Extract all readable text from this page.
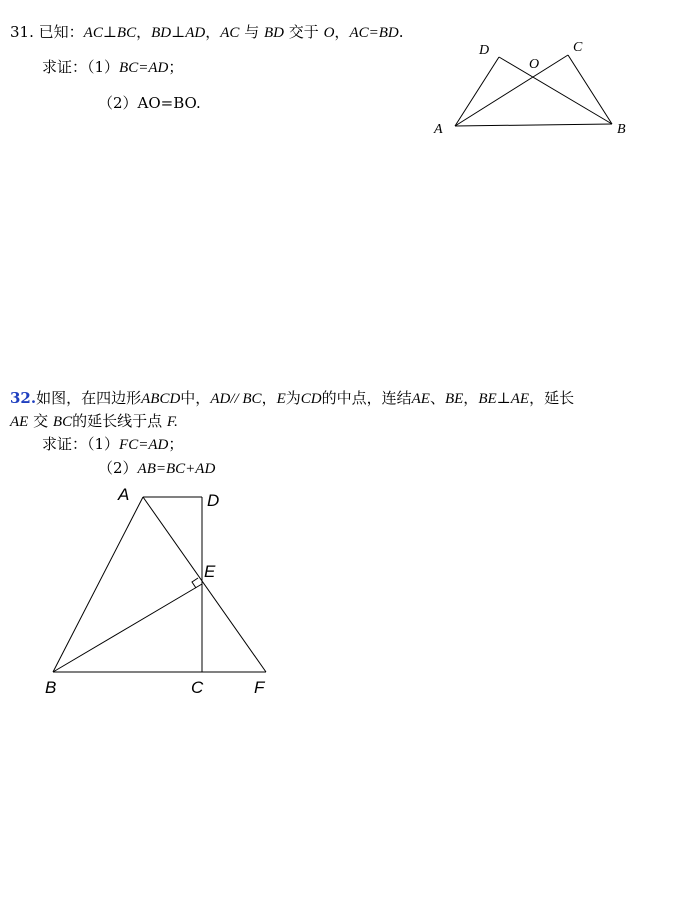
31. 已知：AC⊥BC，BD⊥AD，AC 与 BD 交于 O，AC=BD.
求证：（1）BC=AD；
（2）AO=BO.
D	C
O
A	B
32.如图，在四边形ABCD中，AD// BC，E为CD的中点，连结AE、BE，BE⊥AE，延长
AE 交 BC的延长线于点 F.
求证：（1）FC=AD；
（2）AB=BC+AD
A	D
E
B	C	F
